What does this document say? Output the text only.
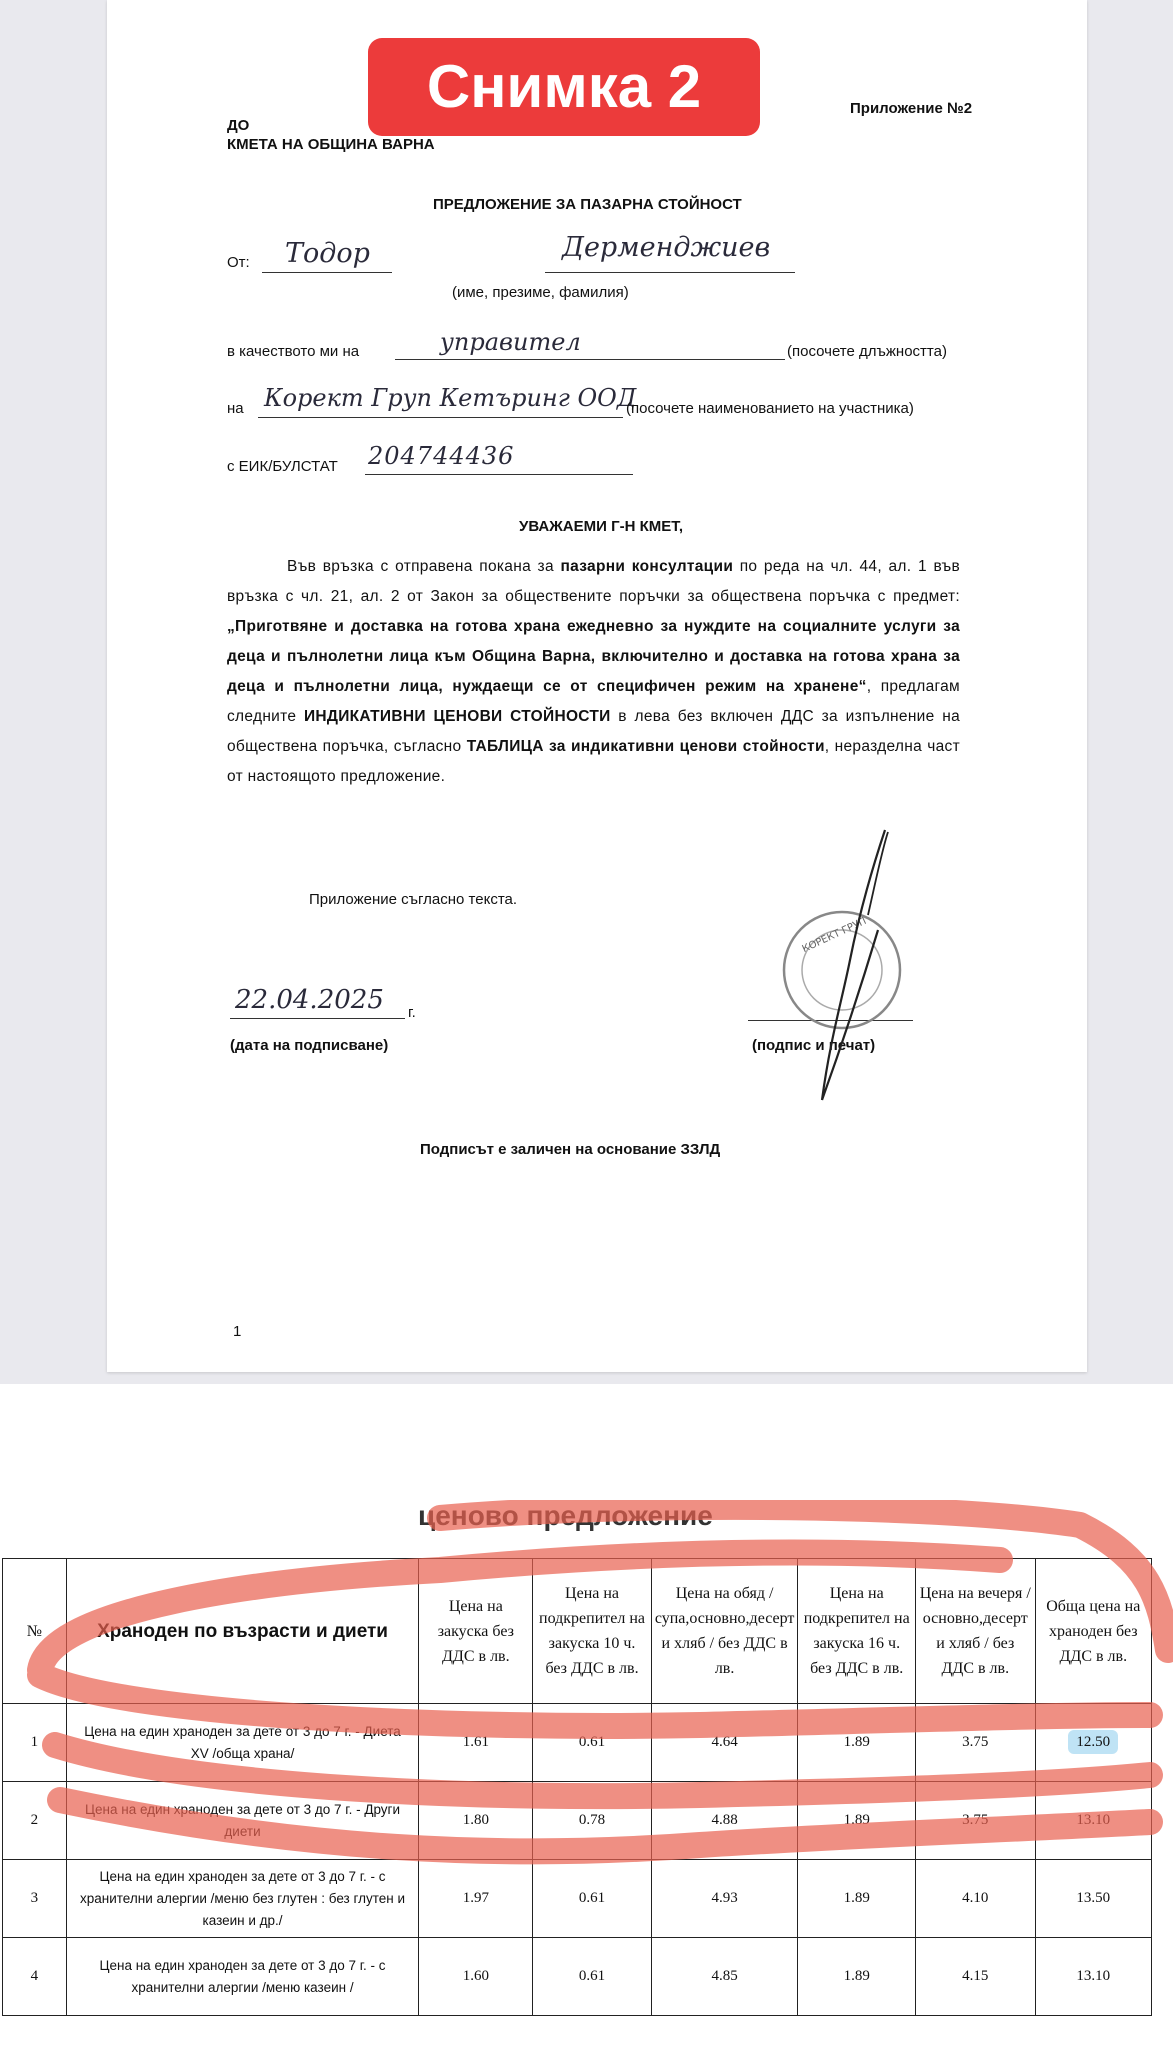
Снимка 2	Приложение №2
ДО
КМЕТА НА ОБЩИНА ВАРНА
ПРЕДЛОЖЕНИЕ ЗА ПАЗАРНА СТОЙНОСТ
От: Тодор	Дерменджиев
(име, презиме, фамилия)
в качеството ми на	управител	(посочете длъжността)
на Корект Груп Кетъринг ООД
(посочете наименованието на участника)
с ЕИК/БУЛСТАТ 204744436
УВАЖАЕМИ Г-Н КМЕТ,
Във връзка с отправена покана за пазарни консултации по реда на чл. 44, ал. 1 във връзка с чл. 21, ал. 2 от Закон за обществените поръчки за обществена поръчка с предмет: „Приготвяне и доставка на готова храна ежедневно за нуждите на социалните услуги за деца и пълнолетни лица към Община Варна, включително и доставка на готова храна за деца и пълнолетни лица, нуждаещи се от специфичен режим на хранене“, предлагам следните ИНДИКАТИВНИ ЦЕНОВИ СТОЙНОСТИ в лева без включен ДДС за изпълнение на обществена поръчка, съгласно ТАБЛИЦА за индикативни ценови стойности, неразделна част от настоящото предложение.
Приложение съгласно текста.
22.04.2025 г.
(дата на подписване)	(подпис и печат)
КОРЕКТ ГРУП
Подписът е заличен на основание ЗЗЛД
1
ценово предложение
№	Храноден по възрасти и диети	Цена на закуска без ДДС в лв.	Цена на подкрепител на закуска 10 ч. без ДДС в лв.	Цена на обяд /супа,основно,десерт и хляб / без ДДС в лв.	Цена на подкрепител на закуска 16 ч. без ДДС в лв.	Цена на вечеря / основно,десерт и хляб / без ДДС в лв.	Обща цена на храноден без ДДС в лв.
1	Цена на един храноден за дете от 3 до 7 г. - Диета XV /обща храна/	1.61	0.61	4.64	1.89	3.75	12.50
2	Цена на един храноден за дете от 3 до 7 г. - Други диети	1.80	0.78	4.88	1.89	3.75	13.10
3	Цена на един храноден за дете от 3 до 7 г. - с хранителни алергии /меню без глутен : без глутен и казеин и др./	1.97	0.61	4.93	1.89	4.10	13.50
4	Цена на един храноден за дете от 3 до 7 г. - с хранителни алергии /меню казеин /	1.60	0.61	4.85	1.89	4.15	13.10
